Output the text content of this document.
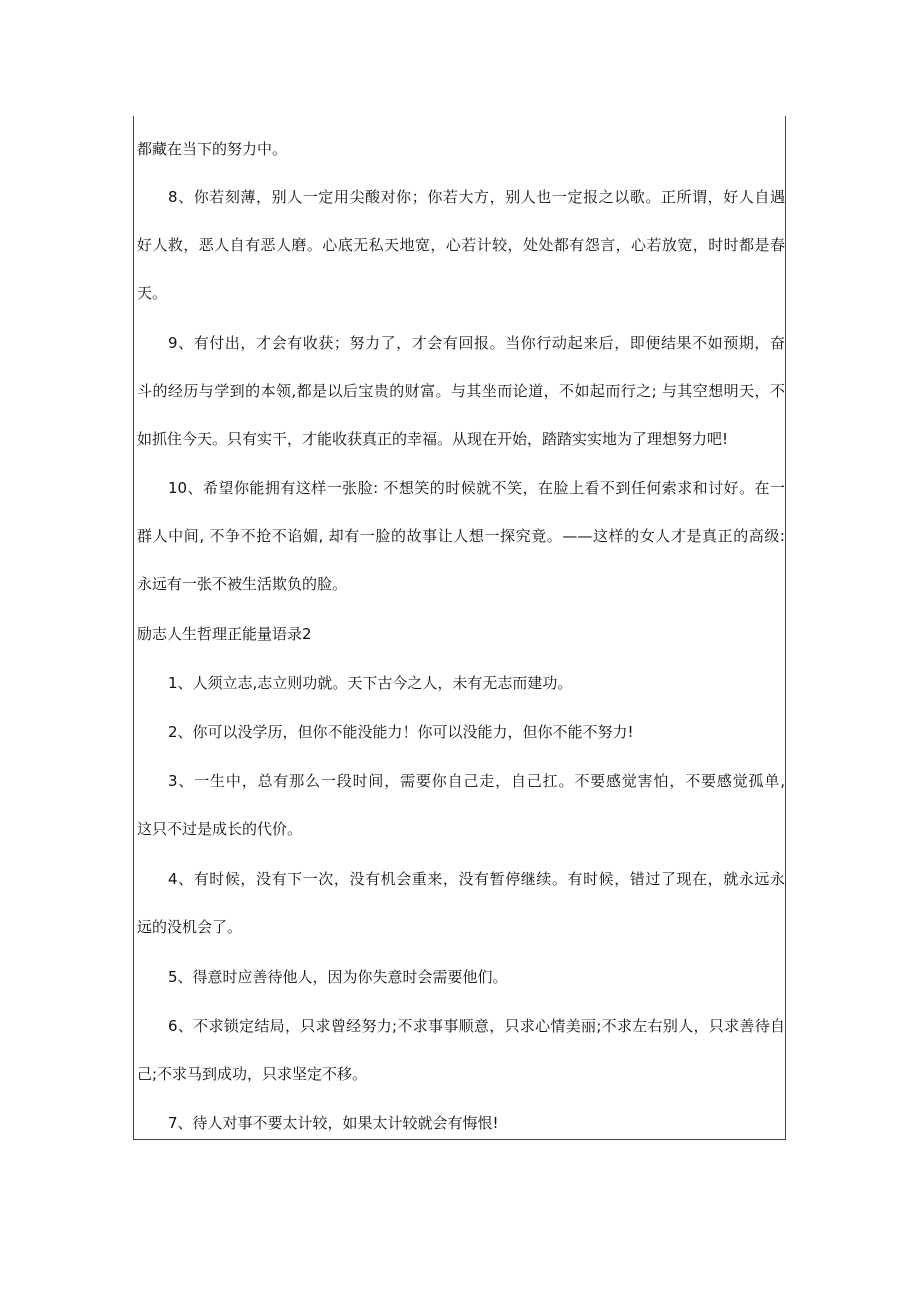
都藏在当下的努力中。
8、你若刻薄，别人一定用尖酸对你；你若大方，别人也一定报之以歌。正所谓，好人自遇
好人救，恶人自有恶人磨。心底无私天地宽，心若计较，处处都有怨言，心若放宽，时时都是春
天。
9、有付出，才会有收获；努力了，才会有回报。当你行动起来后，即便结果不如预期，奋
斗的经历与学到的本领,都是以后宝贵的财富。与其坐而论道，不如起而行之; 与其空想明天，不
如抓住今天。只有实干，才能收获真正的幸福。从现在开始，踏踏实实地为了理想努力吧!
10、希望你能拥有这样一张脸: 不想笑的时候就不笑，在脸上看不到任何索求和讨好。在一
群人中间, 不争不抢不谄媚, 却有一脸的故事让人想一探究竟。——这样的女人才是真正的高级:
永远有一张不被生活欺负的脸。
励志人生哲理正能量语录2
1、人须立志,志立则功就。天下古今之人，未有无志而建功。
2、你可以没学历，但你不能没能力！你可以没能力，但你不能不努力!
3、一生中，总有那么一段时间，需要你自己走，自己扛。不要感觉害怕，不要感觉孤单,
这只不过是成长的代价。
4、有时候，没有下一次，没有机会重来，没有暂停继续。有时候，错过了现在，就永远永
远的没机会了。
5、得意时应善待他人，因为你失意时会需要他们。
6、不求锁定结局，只求曾经努力;不求事事顺意，只求心情美丽;不求左右别人，只求善待自
己;不求马到成功，只求坚定不移。
7、待人对事不要太计较，如果太计较就会有悔恨!
